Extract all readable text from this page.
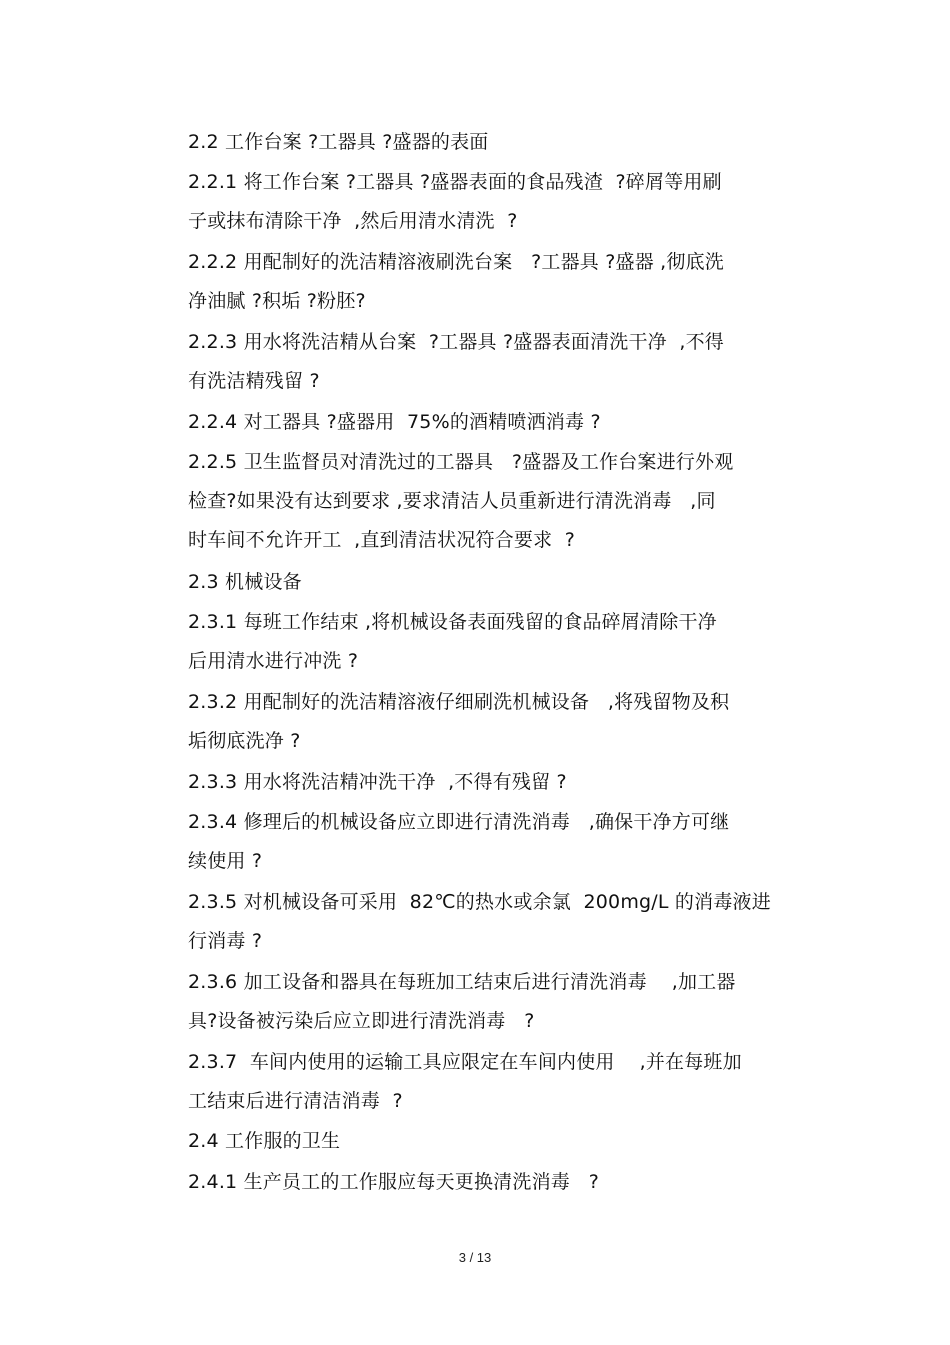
2.2 工作台案 ?工器具 ?盛器的表面
2.2.1 将工作台案 ?工器具 ?盛器表面的食品残渣  ?碎屑等用刷
子或抹布清除干净  ,然后用清水清洗  ?
2.2.2 用配制好的洗洁精溶液刷洗台案   ?工器具 ?盛器 ,彻底洗
净油腻 ?积垢 ?粉胚?
2.2.3 用水将洗洁精从台案  ?工器具 ?盛器表面清洗干净  ,不得
有洗洁精残留 ?
2.2.4 对工器具 ?盛器用  75%的酒精喷洒消毒 ?
2.2.5 卫生监督员对清洗过的工器具   ?盛器及工作台案进行外观
检查?如果没有达到要求 ,要求清洁人员重新进行清洗消毒   ,同
时车间不允许开工  ,直到清洁状况符合要求  ?
2.3 机械设备
2.3.1 每班工作结束 ,将机械设备表面残留的食品碎屑清除干净
后用清水进行冲洗 ?
2.3.2 用配制好的洗洁精溶液仔细刷洗机械设备   ,将残留物及积
垢彻底洗净 ?
2.3.3 用水将洗洁精冲洗干净  ,不得有残留 ?
2.3.4 修理后的机械设备应立即进行清洗消毒   ,确保干净方可继
续使用 ?
2.3.5 对机械设备可采用  82℃的热水或余氯  200mg/L 的消毒液进
行消毒 ?
2.3.6 加工设备和器具在每班加工结束后进行清洗消毒    ,加工器
具?设备被污染后应立即进行清洗消毒   ?
2.3.7  车间内使用的运输工具应限定在车间内使用    ,并在每班加
工结束后进行清洁消毒  ?
2.4 工作服的卫生
2.4.1 生产员工的工作服应每天更换清洗消毒   ?
3 / 13
